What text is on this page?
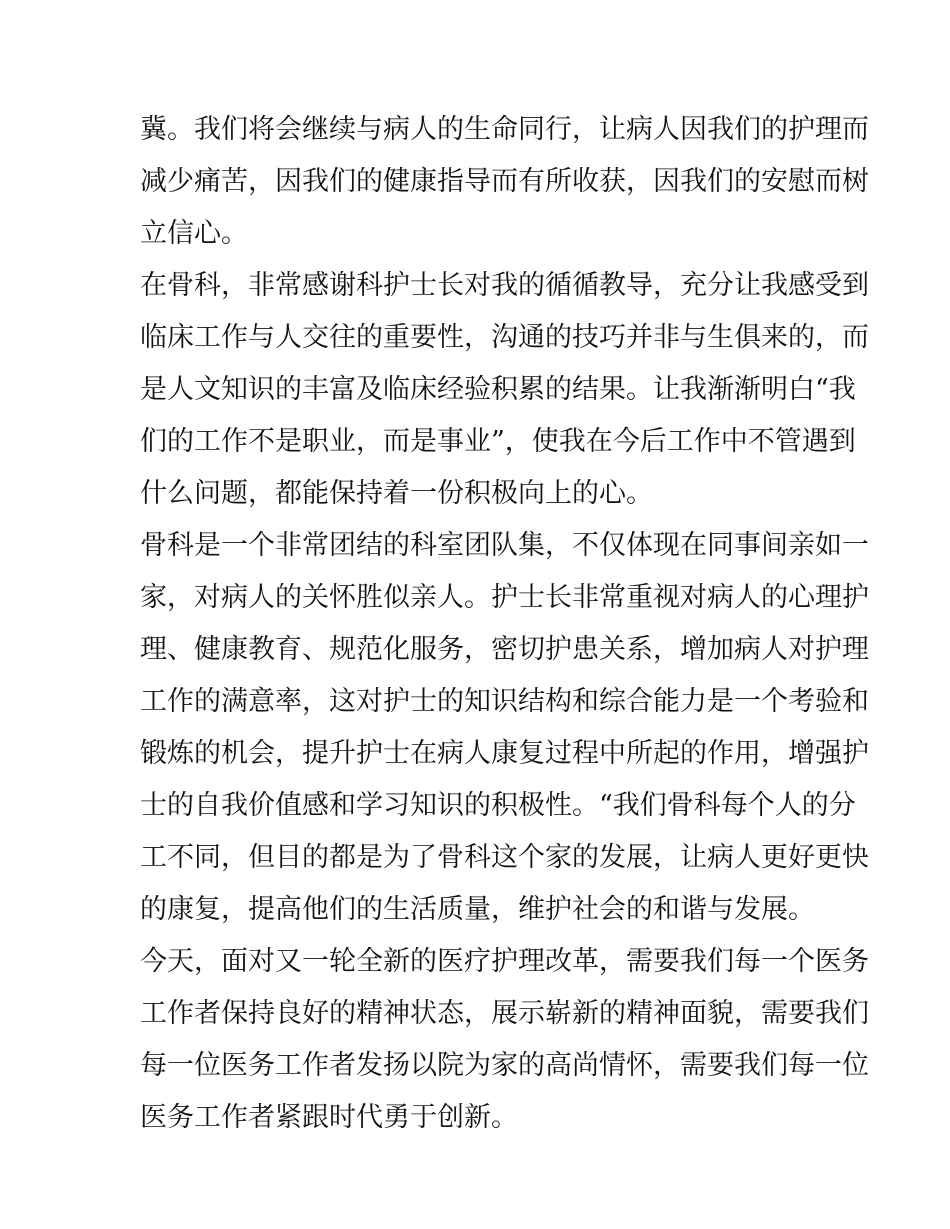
冀。我们将会继续与病人的生命同行，让病人因我们的护理而
减少痛苦，因我们的健康指导而有所收获，因我们的安慰而树
立信心。
在骨科，非常感谢科护士长对我的循循教导，充分让我感受到
临床工作与人交往的重要性，沟通的技巧并非与生俱来的，而
是人文知识的丰富及临床经验积累的结果。让我渐渐明白“我
们的工作不是职业，而是事业”，使我在今后工作中不管遇到
什么问题，都能保持着一份积极向上的心。
骨科是一个非常团结的科室团队集，不仅体现在同事间亲如一
家，对病人的关怀胜似亲人。护士长非常重视对病人的心理护
理、健康教育、规范化服务，密切护患关系，增加病人对护理
工作的满意率，这对护士的知识结构和综合能力是一个考验和
锻炼的机会，提升护士在病人康复过程中所起的作用，增强护
士的自我价值感和学习知识的积极性。“我们骨科每个人的分
工不同，但目的都是为了骨科这个家的发展，让病人更好更快
的康复，提高他们的生活质量，维护社会的和谐与发展。
今天，面对又一轮全新的医疗护理改革，需要我们每一个医务
工作者保持良好的精神状态，展示崭新的精神面貌，需要我们
每一位医务工作者发扬以院为家的高尚情怀，需要我们每一位
医务工作者紧跟时代勇于创新。
